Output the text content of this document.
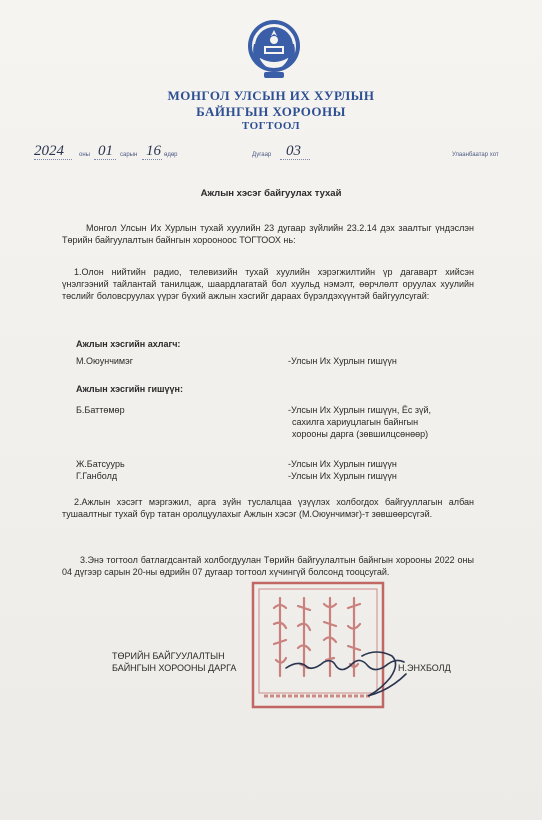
МОНГОЛ УЛСЫН ИХ ХУРЛЫН
БАЙНГЫН ХОРООНЫ
ТОГТООЛ
2024	оны 01 сарын 16 өдөр	Дугаар 03	Улаанбаатар хот
Ажлын хэсэг байгуулах тухай
Монгол Улсын Их Хурлын тухай хуулийн 23 дугаар зүйлийн 23.2.14 дэх заалтыг үндэслэн Төрийн байгуулалтын байнгын хорооноос ТОГТООХ нь:
1.Олон нийтийн радио, телевизийн тухай хуулийн хэрэгжилтийн үр дагаварт хийсэн үнэлгээний тайлантай танилцаж, шаардлагатай бол хуульд нэмэлт, өөрчлөлт оруулах хуулийн төслийг боловсруулах үүрэг бүхий ажлын хэсгийг дараах бүрэлдэхүүнтэй байгуулсугай:
Ажлын хэсгийн ахлагч:
М.Оюунчимэг	-Улсын Их Хурлын гишүүн
Ажлын хэсгийн гишүүн:
Б.Баттөмөр	-Улсын Их Хурлын гишүүн, Ёс зүй,
сахилга хариуцлагын байнгын
хорооны дарга (зөвшилцсөнөөр)
Ж.Батсуурь	-Улсын Их Хурлын гишүүн
Г.Ганболд	-Улсын Их Хурлын гишүүн
2.Ажлын хэсэгт мэргэжил, арга зүйн туслалцаа үзүүлэх холбогдох байгууллагын албан тушаалтныг тухай бүр татан оролцуулахыг Ажлын хэсэг (М.Оюунчимэг)-т зөвшөөрсүгэй.
3.Энэ тогтоол батлагдсантай холбогдуулан Төрийн байгуулалтын байнгын хорооны 2022 оны 04 дүгээр сарын 20-ны өдрийн 07 дугаар тогтоол хүчингүй болсонд тооцсугай.
ТӨРИЙН БАЙГУУЛАЛТЫН
БАЙНГЫН ХОРООНЫ ДАРГА	Н.ЭНХБОЛД
